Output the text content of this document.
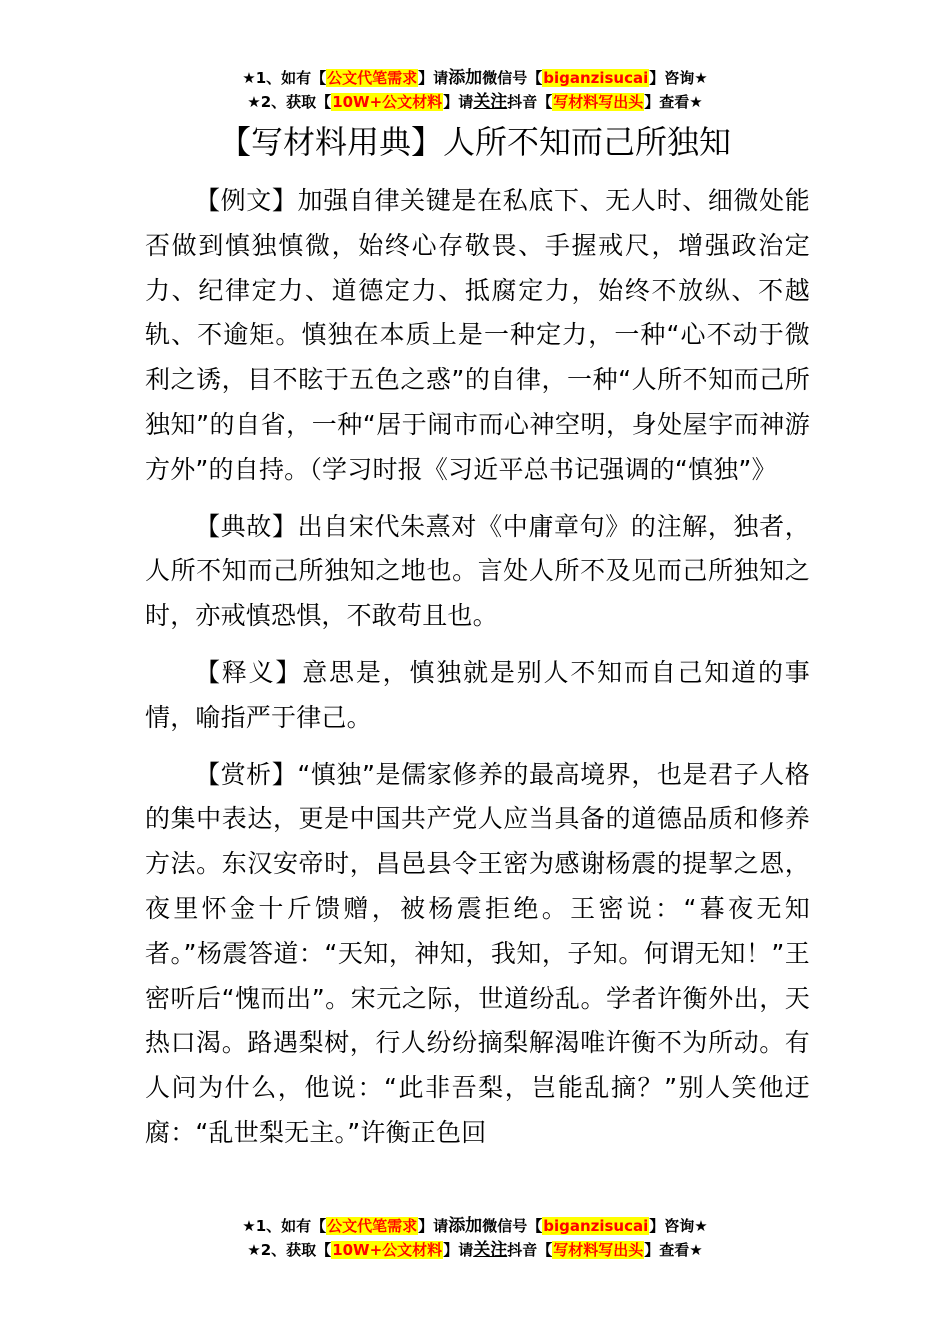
★1、如有【公文代笔需求】请添加微信号【biganzisucai】咨询★
★2、获取【10W+公文材料】请关注抖音【写材料写出头】查看★
【写材料用典】人所不知而己所独知

【例文】加强自律关键是在私底下、无人时、细微处能否做到慎独慎微，始终心存敬畏、手握戒尺，增强政治定力、纪律定力、道德定力、抵腐定力，始终不放纵、不越轨、不逾矩。慎独在本质上是一种定力，一种“心不动于微利之诱，目不眩于五色之惑”的自律，一种“人所不知而己所独知”的自省，一种“居于闹市而心神空明，身处屋宇而神游方外”的自持。（学习时报《习近平总书记强调的“慎独”》

【典故】出自宋代朱熹对《中庸章句》的注解，独者，人所不知而己所独知之地也。言处人所不及见而己所独知之时，亦戒慎恐惧，不敢苟且也。

【释义】意思是，慎独就是别人不知而自己知道的事情，喻指严于律己。

【赏析】“慎独”是儒家修养的最高境界，也是君子人格的集中表达，更是中国共产党人应当具备的道德品质和修养方法。东汉安帝时，昌邑县令王密为感谢杨震的提挈之恩，夜里怀金十斤馈赠，被杨震拒绝。王密说：“暮夜无知者。”杨震答道：“天知，神知，我知，子知。何谓无知！”王密听后“愧而出”。宋元之际，世道纷乱。学者许衡外出，天热口渴。路遇梨树，行人纷纷摘梨解渴唯许衡不为所动。有人问为什么，他说：“此非吾梨，岂能乱摘？”别人笑他迂腐：“乱世梨无主。”许衡正色回

★1、如有【公文代笔需求】请添加微信号【biganzisucai】咨询★
★2、获取【10W+公文材料】请关注抖音【写材料写出头】查看★
